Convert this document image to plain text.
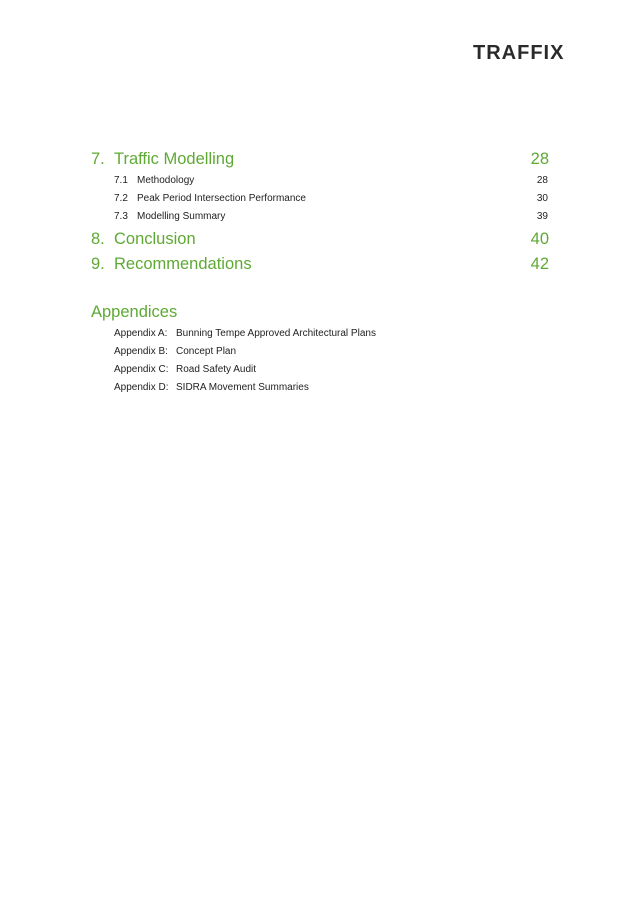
TRAFFIX
7. Traffic Modelling	28
7.1 Methodology	28
7.2 Peak Period Intersection Performance	30
7.3 Modelling Summary	39
8. Conclusion	40
9. Recommendations	42
Appendices
Appendix A: Bunning Tempe Approved Architectural Plans
Appendix B: Concept Plan
Appendix C: Road Safety Audit
Appendix D: SIDRA Movement Summaries
